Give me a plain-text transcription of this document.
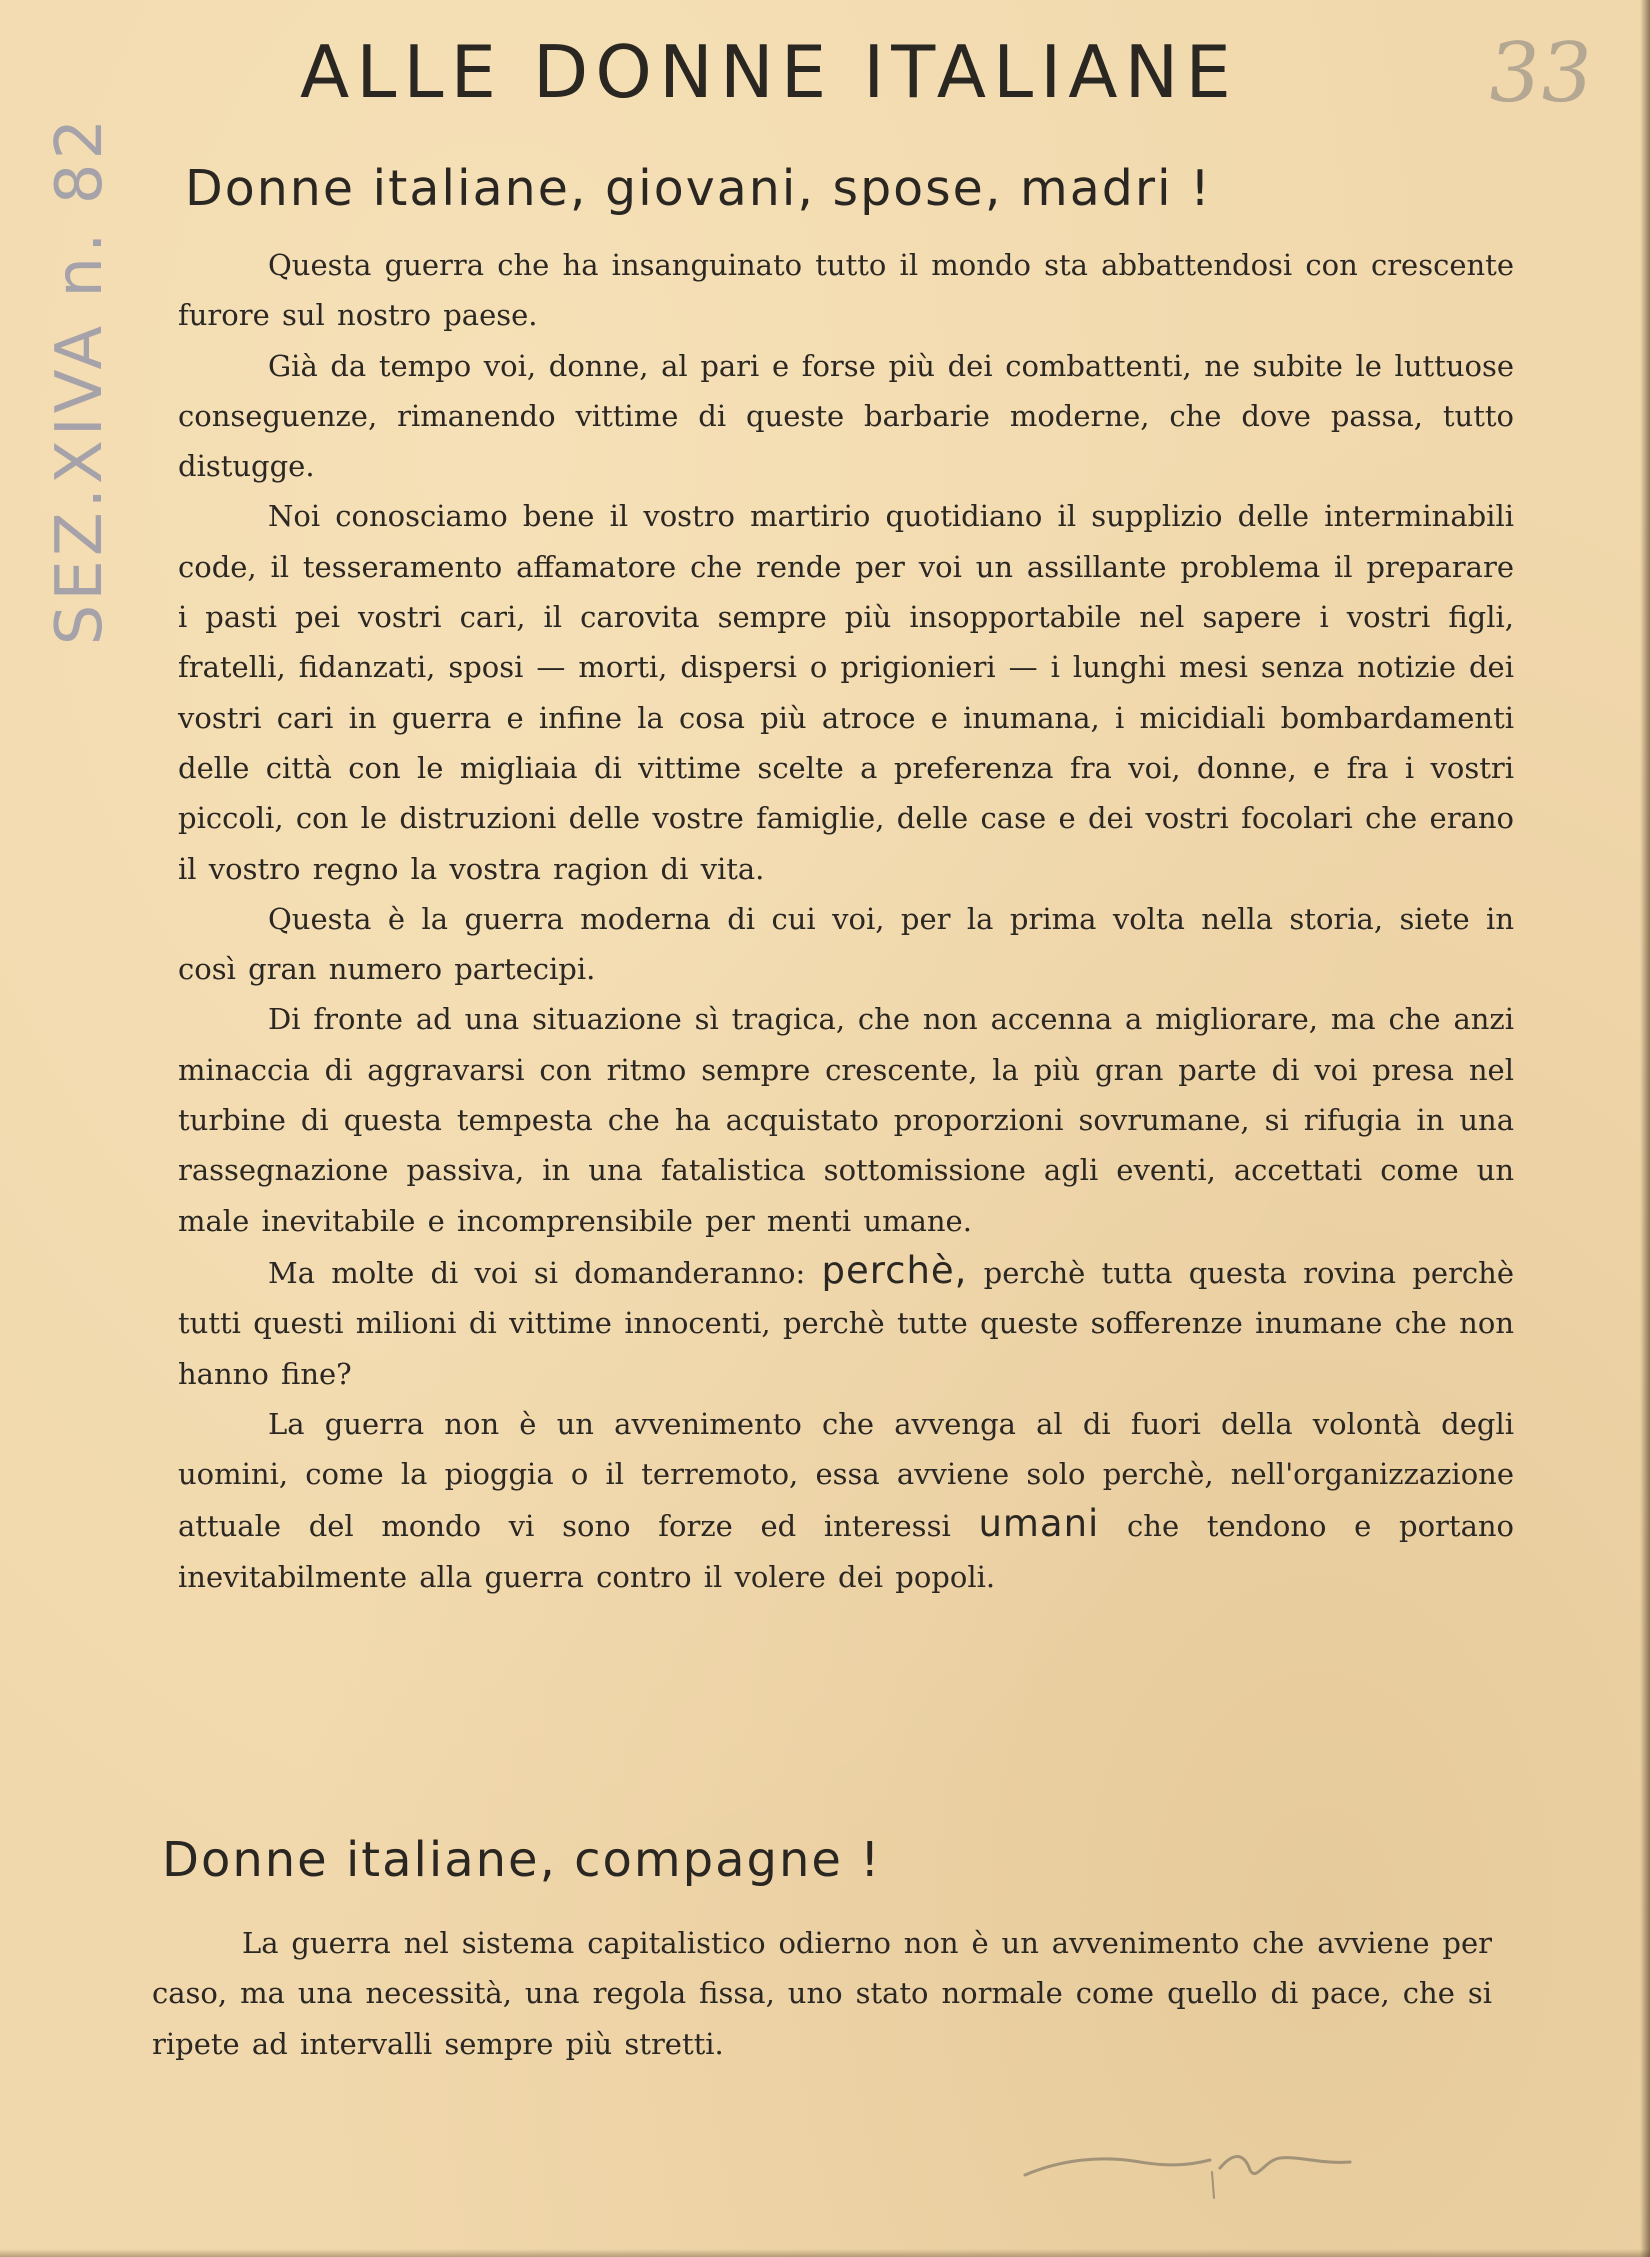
ALLE DONNE ITALIANE	33
SEZ.XIVA n. 82 Donne italiane, giovani, spose, madri !

Questa guerra che ha insanguinato tutto il mondo sta abbattendosi con crescente furore sul nostro paese.

Già da tempo voi, donne, al pari e forse più dei combattenti, ne subite le luttuose conseguenze, rimanendo vittime di queste barbarie moderne, che dove passa, tutto distugge.

Noi conosciamo bene il vostro martirio quotidiano il supplizio delle interminabili code, il tesseramento affamatore che rende per voi un assillante problema il preparare i pasti pei vostri cari, il carovita sempre più insopportabile nel sapere i vostri figli, fratelli, fidanzati, sposi — morti, dispersi o prigionieri — i lunghi mesi senza notizie dei vostri cari in guerra e infine la cosa più atroce e inumana, i micidiali bombardamenti delle città con le migliaia di vittime scelte a preferenza fra voi, donne, e fra i vostri piccoli, con le distruzioni delle vostre famiglie, delle case e dei vostri focolari che erano il vostro regno la vostra ragion di vita.

Questa è la guerra moderna di cui voi, per la prima volta nella storia, siete in così gran numero partecipi.

Di fronte ad una situazione sì tragica, che non accenna a migliorare, ma che anzi minaccia di aggravarsi con ritmo sempre crescente, la più gran parte di voi presa nel turbine di questa tempesta che ha acquistato proporzioni sovrumane, si rifugia in una rassegnazione passiva, in una fatalistica sottomissione agli eventi, accettati come un male inevitabile e incomprensibile per menti umane.

Ma molte di voi si domanderanno: perchè, perchè tutta questa rovina perchè tutti questi milioni di vittime innocenti, perchè tutte queste sofferenze inumane che non hanno fine?

La guerra non è un avvenimento che avvenga al di fuori della volontà degli uomini, come la pioggia o il terremoto, essa avviene solo perchè, nell'organizzazione attuale del mondo vi sono forze ed interessi umani che tendono e portano inevitabilmente alla guerra contro il volere dei popoli.

Donne italiane, compagne !

La guerra nel sistema capitalistico odierno non è un avvenimento che avviene per caso, ma una necessità, una regola fissa, uno stato normale come quello di pace, che si ripete ad intervalli sempre più stretti.
